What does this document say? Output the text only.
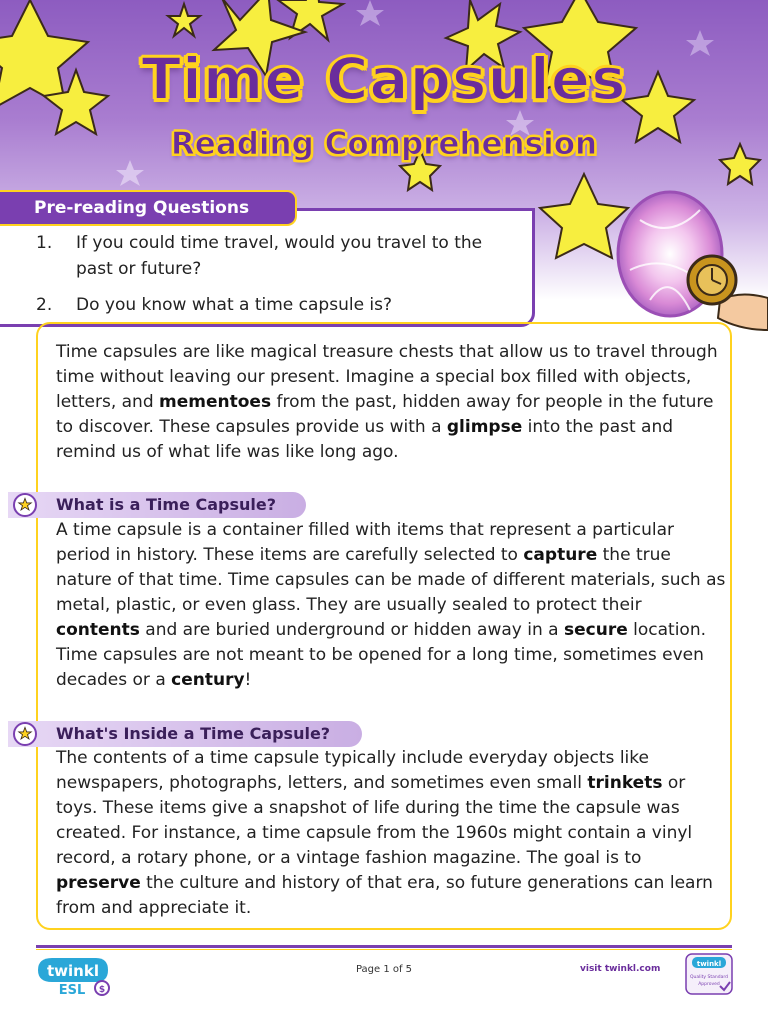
Time Capsules
Reading Comprehension
Pre-reading Questions
1. If you could time travel, would you travel to the past or future?
2. Do you know what a time capsule is?

Time capsules are like magical treasure chests that allow us to travel through time without leaving our present. Imagine a special box filled with objects, letters, and mementoes from the past, hidden away for people in the future to discover. These capsules provide us with a glimpse into the past and remind us of what life was like long ago.

What is a Time Capsule?

A time capsule is a container filled with items that represent a particular period in history. These items are carefully selected to capture the true nature of that time. Time capsules can be made of different materials, such as metal, plastic, or even glass. They are usually sealed to protect their contents and are buried underground or hidden away in a secure location. Time capsules are not meant to be opened for a long time, sometimes even decades or a century!

What's Inside a Time Capsule?

The contents of a time capsule typically include everyday objects like newspapers, photographs, letters, and sometimes even small trinkets or toys. These items give a snapshot of life during the time the capsule was created. For instance, a time capsule from the 1960s might contain a vinyl record, a rotary phone, or a vintage fashion magazine. The goal is to preserve the culture and history of that era, so future generations can learn from and appreciate it.

twinkl
ESL $
Page 1 of 5	visit twinkl.com	twinkl
Quality Standard
Approved
